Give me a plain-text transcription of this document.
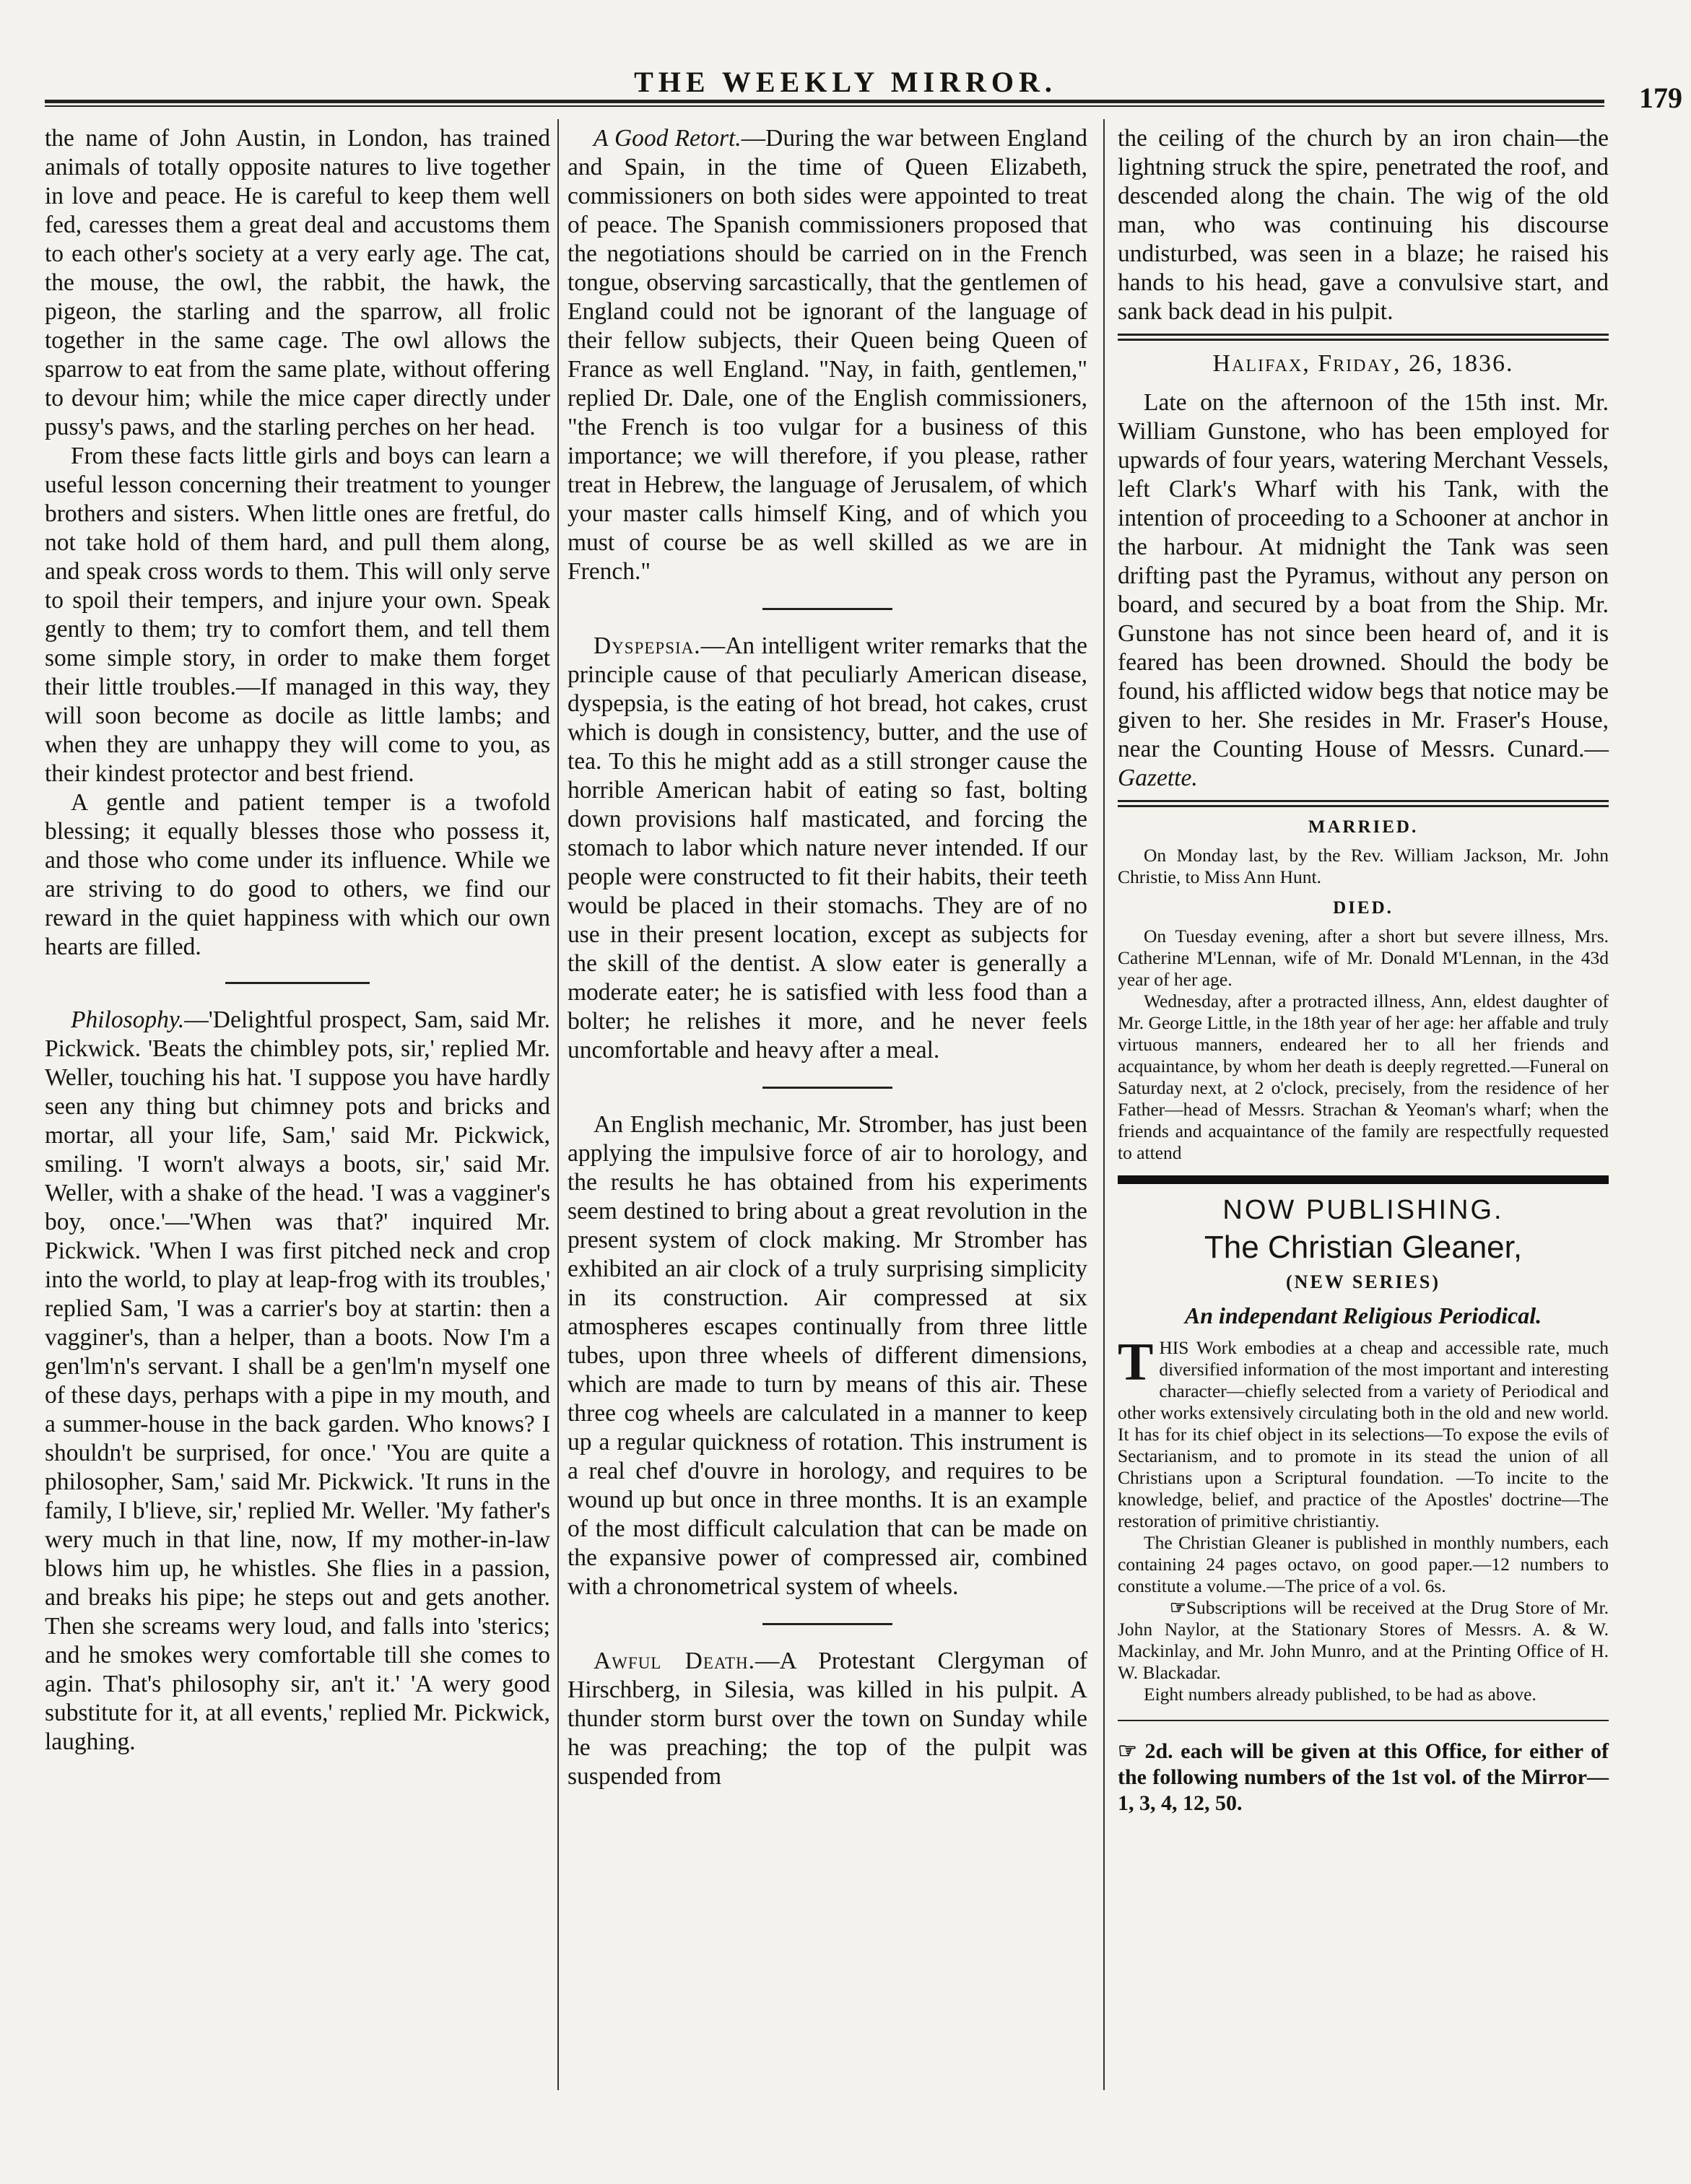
THE WEEKLY MIRROR.	179

the name of John Austin, in London, has trained animals of totally opposite natures to live together in love and peace. He is careful to keep them well fed, caresses them a great deal and accustoms them to each other's society at a very early age. The cat, the mouse, the owl, the rabbit, the hawk, the pigeon, the starling and the sparrow, all frolic together in the same cage. The owl allows the sparrow to eat from the same plate, without offering to devour him; while the mice caper directly under pussy's paws, and the starling perches on her head.

From these facts little girls and boys can learn a useful lesson concerning their treatment to younger brothers and sisters. When little ones are fretful, do not take hold of them hard, and pull them along, and speak cross words to them. This will only serve to spoil their tempers, and injure your own. Speak gently to them; try to comfort them, and tell them some simple story, in order to make them forget their little troubles.—If managed in this way, they will soon become as docile as little lambs; and when they are unhappy they will come to you, as their kindest protector and best friend.

A gentle and patient temper is a twofold blessing; it equally blesses those who possess it, and those who come under its influence. While we are striving to do good to others, we find our reward in the quiet happiness with which our own hearts are filled.

Philosophy.—'Delightful prospect, Sam, said Mr. Pickwick. 'Beats the chimbley pots, sir,' replied Mr. Weller, touching his hat. 'I suppose you have hardly seen any thing but chimney pots and bricks and mortar, all your life, Sam,' said Mr. Pickwick, smiling. 'I worn't always a boots, sir,' said Mr. Weller, with a shake of the head. 'I was a vagginer's boy, once.'—'When was that?' inquired Mr. Pickwick. 'When I was first pitched neck and crop into the world, to play at leap-frog with its troubles,' replied Sam, 'I was a carrier's boy at startin: then a vagginer's, than a helper, than a boots. Now I'm a gen'lm'n's servant. I shall be a gen'lm'n myself one of these days, perhaps with a pipe in my mouth, and a summer-house in the back garden. Who knows? I shouldn't be surprised, for once.' 'You are quite a philosopher, Sam,' said Mr. Pickwick. 'It runs in the family, I b'lieve, sir,' replied Mr. Weller. 'My father's wery much in that line, now, If my mother-in-law blows him up, he whistles. She flies in a passion, and breaks his pipe; he steps out and gets another. Then she screams wery loud, and falls into 'sterics; and he smokes wery comfortable till she comes to agin. That's philosophy sir, an't it.' 'A wery good substitute for it, at all events,' replied Mr. Pickwick, laughing.

A Good Retort.—During the war between England and Spain, in the time of Queen Elizabeth, commissioners on both sides were appointed to treat of peace. The Spanish commissioners proposed that the negotiations should be carried on in the French tongue, observing sarcastically, that the gentlemen of England could not be ignorant of the language of their fellow subjects, their Queen being Queen of France as well England. "Nay, in faith, gentlemen," replied Dr. Dale, one of the English commissioners, "the French is too vulgar for a business of this importance; we will therefore, if you please, rather treat in Hebrew, the language of Jerusalem, of which your master calls himself King, and of which you must of course be as well skilled as we are in French."

Dyspepsia.—An intelligent writer remarks that the principle cause of that peculiarly American disease, dyspepsia, is the eating of hot bread, hot cakes, crust which is dough in consistency, butter, and the use of tea. To this he might add as a still stronger cause the horrible American habit of eating so fast, bolting down provisions half masticated, and forcing the stomach to labor which nature never intended. If our people were constructed to fit their habits, their teeth would be placed in their stomachs. They are of no use in their present location, except as subjects for the skill of the dentist. A slow eater is generally a moderate eater; he is satisfied with less food than a bolter; he relishes it more, and he never feels uncomfortable and heavy after a meal.

An English mechanic, Mr. Stromber, has just been applying the impulsive force of air to horology, and the results he has obtained from his experiments seem destined to bring about a great revolution in the present system of clock making. Mr Stromber has exhibited an air clock of a truly surprising simplicity in its construction. Air compressed at six atmospheres escapes continually from three little tubes, upon three wheels of different dimensions, which are made to turn by means of this air. These three cog wheels are calculated in a manner to keep up a regular quickness of rotation. This instrument is a real chef d'ouvre in horology, and requires to be wound up but once in three months. It is an example of the most difficult calculation that can be made on the expansive power of compressed air, combined with a chronometrical system of wheels.

Awful Death.—A Protestant Clergyman of Hirschberg, in Silesia, was killed in his pulpit. A thunder storm burst over the town on Sunday while he was preaching; the top of the pulpit was suspended from

the ceiling of the church by an iron chain—the lightning struck the spire, penetrated the roof, and descended along the chain. The wig of the old man, who was continuing his discourse undisturbed, was seen in a blaze; he raised his hands to his head, gave a convulsive start, and sank back dead in his pulpit.

Halifax, Friday, 26, 1836.

Late on the afternoon of the 15th inst. Mr. William Gunstone, who has been employed for upwards of four years, watering Merchant Vessels, left Clark's Wharf with his Tank, with the intention of proceeding to a Schooner at anchor in the harbour. At midnight the Tank was seen drifting past the Pyramus, without any person on board, and secured by a boat from the Ship. Mr. Gunstone has not since been heard of, and it is feared has been drowned. Should the body be found, his afflicted widow begs that notice may be given to her. She resides in Mr. Fraser's House, near the Counting House of Messrs. Cunard.—Gazette.

MARRIED.

On Monday last, by the Rev. William Jackson, Mr. John Christie, to Miss Ann Hunt.

DIED.

On Tuesday evening, after a short but severe illness, Mrs. Catherine M'Lennan, wife of Mr. Donald M'Lennan, in the 43d year of her age.

Wednesday, after a protracted illness, Ann, eldest daughter of Mr. George Little, in the 18th year of her age: her affable and truly virtuous manners, endeared her to all her friends and acquaintance, by whom her death is deeply regretted.—Funeral on Saturday next, at 2 o'clock, precisely, from the residence of her Father—head of Messrs. Strachan & Yeoman's wharf; when the friends and acquaintance of the family are respectfully requested to attend

NOW PUBLISHING.
The Christian Gleaner,
(NEW SERIES)
An independant Religious Periodical.

THIS Work embodies at a cheap and accessible rate, much diversified information of the most important and interesting character—chiefly selected from a variety of Periodical and other works extensively circulating both in the old and new world. It has for its chief object in its selections—To expose the evils of Sectarianism, and to promote in its stead the union of all Christians upon a Scriptural foundation. —To incite to the knowledge, belief, and practice of the Apostles' doctrine—The restoration of primitive christiantiy.

The Christian Gleaner is published in monthly numbers, each containing 24 pages octavo, on good paper.—12 numbers to constitute a volume.—The price of a vol. 6s.

☞Subscriptions will be received at the Drug Store of Mr. John Naylor, at the Stationary Stores of Messrs. A. & W. Mackinlay, and Mr. John Munro, and at the Printing Office of H. W. Blackadar.

Eight numbers already published, to be had as above.

☞ 2d. each will be given at this Office, for either of the following numbers of the 1st vol. of the Mirror—1, 3, 4, 12, 50.
